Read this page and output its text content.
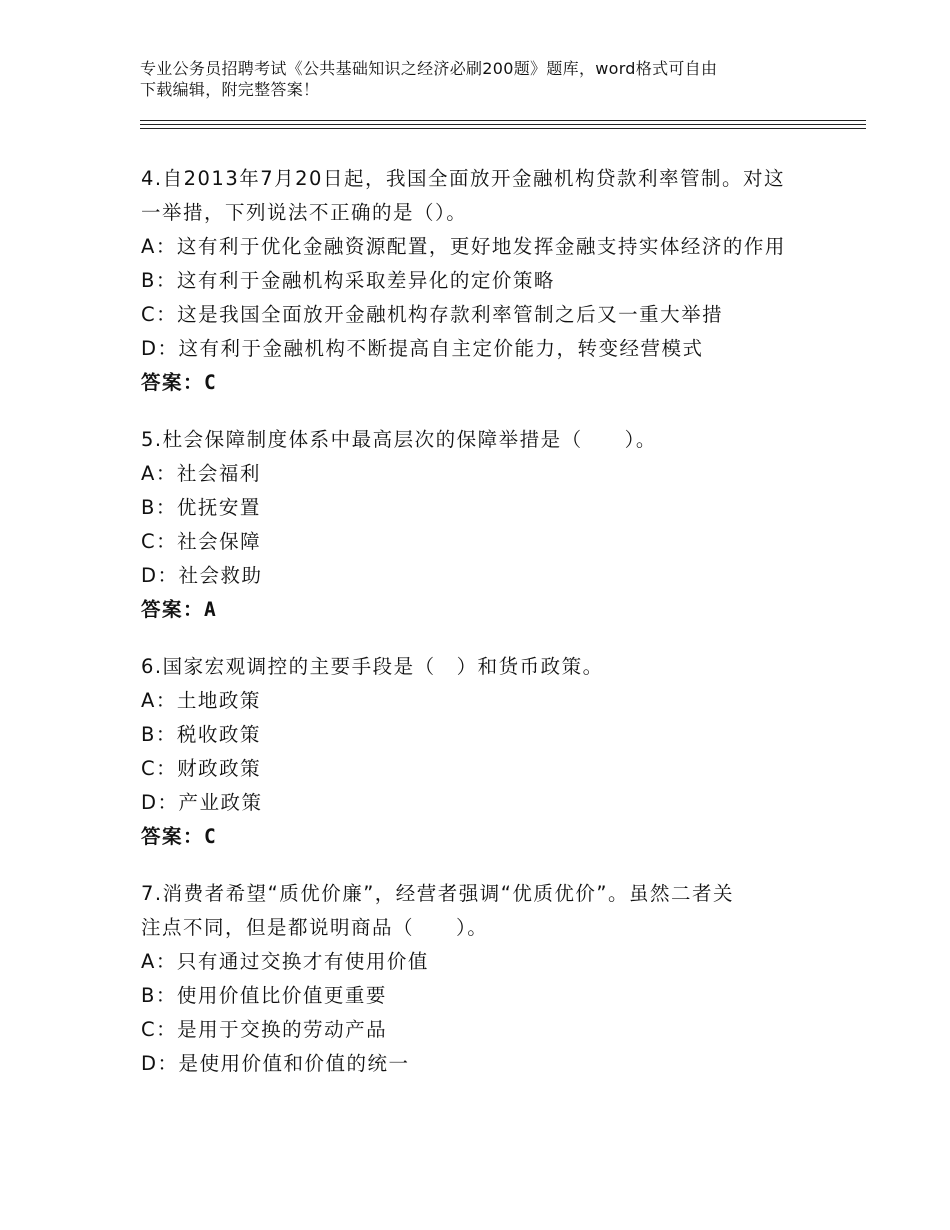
专业公务员招聘考试《公共基础知识之经济必刷200题》题库，word格式可自由
下载编辑，附完整答案！
4.自2013年7月20日起，我国全面放开金融机构贷款利率管制。对这
一举措，下列说法不正确的是（）。
A：这有利于优化金融资源配置，更好地发挥金融支持实体经济的作用
B：这有利于金融机构采取差异化的定价策略
C：这是我国全面放开金融机构存款利率管制之后又一重大举措
D：这有利于金融机构不断提高自主定价能力，转变经营模式
答案：C
5.杜会保障制度体系中最高层次的保障举措是（　　）。
A：社会福利
B：优抚安置
C：社会保障
D：社会救助
答案：A
6.国家宏观调控的主要手段是（　）和货币政策。
A：土地政策
B：税收政策
C：财政政策
D：产业政策
答案：C
7.消费者希望“质优价廉”，经营者强调“优质优价”。虽然二者关
注点不同，但是都说明商品（　　）。
A：只有通过交换才有使用价值
B：使用价值比价值更重要
C：是用于交换的劳动产品
D：是使用价值和价值的统一
